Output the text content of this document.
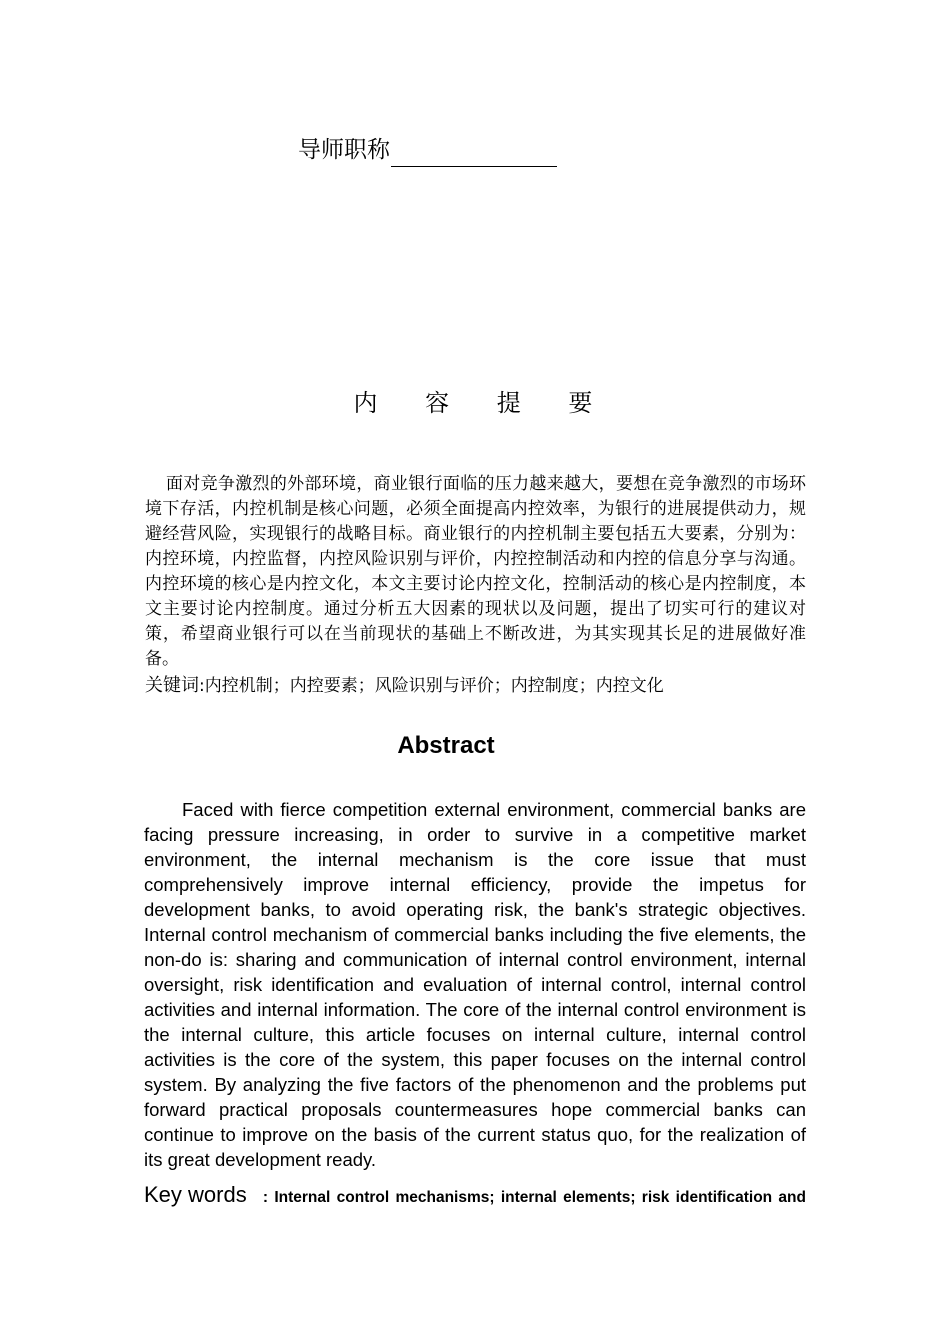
导师职称
内 容 提 要

面对竞争激烈的外部环境，商业银行面临的压力越来越大，要想在竞争激烈的市场环境下存活，内控机制是核心问题，必须全面提高内控效率，为银行的进展提供动力，规避经营风险，实现银行的战略目标。商业银行的内控机制主要包括五大要素，分别为：内控环境，内控监督，内控风险识别与评价，内控控制活动和内控的信息分享与沟通。内控环境的核心是内控文化，本文主要讨论内控文化，控制活动的核心是内控制度，本文主要讨论内控制度。通过分析五大因素的现状以及问题，提出了切实可行的建议对策，希望商业银行可以在当前现状的基础上不断改进，为其实现其长足的进展做好准备。

关键词:内控机制；内控要素；风险识别与评价；内控制度；内控文化
Abstract

Faced with fierce competition external environment, commercial banks are facing pressure increasing, in order to survive in a competitive market environment, the internal mechanism is the core issue that must comprehensively improve internal efficiency, provide the impetus for development banks, to avoid operating risk, the bank's strategic objectives. Internal control mechanism of commercial banks including the five elements, the non-do is: sharing and communication of internal control environment, internal oversight, risk identification and evaluation of internal control, internal control activities and internal information. The core of the internal control environment is the internal culture, this article focuses on internal culture, internal control activities is the core of the system, this paper focuses on the internal control system. By analyzing the five factors of the phenomenon and the problems put forward practical proposals countermeasures hope commercial banks can continue to improve on the basis of the current status quo, for the realization of its great development ready.

Key words : Internal control mechanisms; internal elements; risk identification and
